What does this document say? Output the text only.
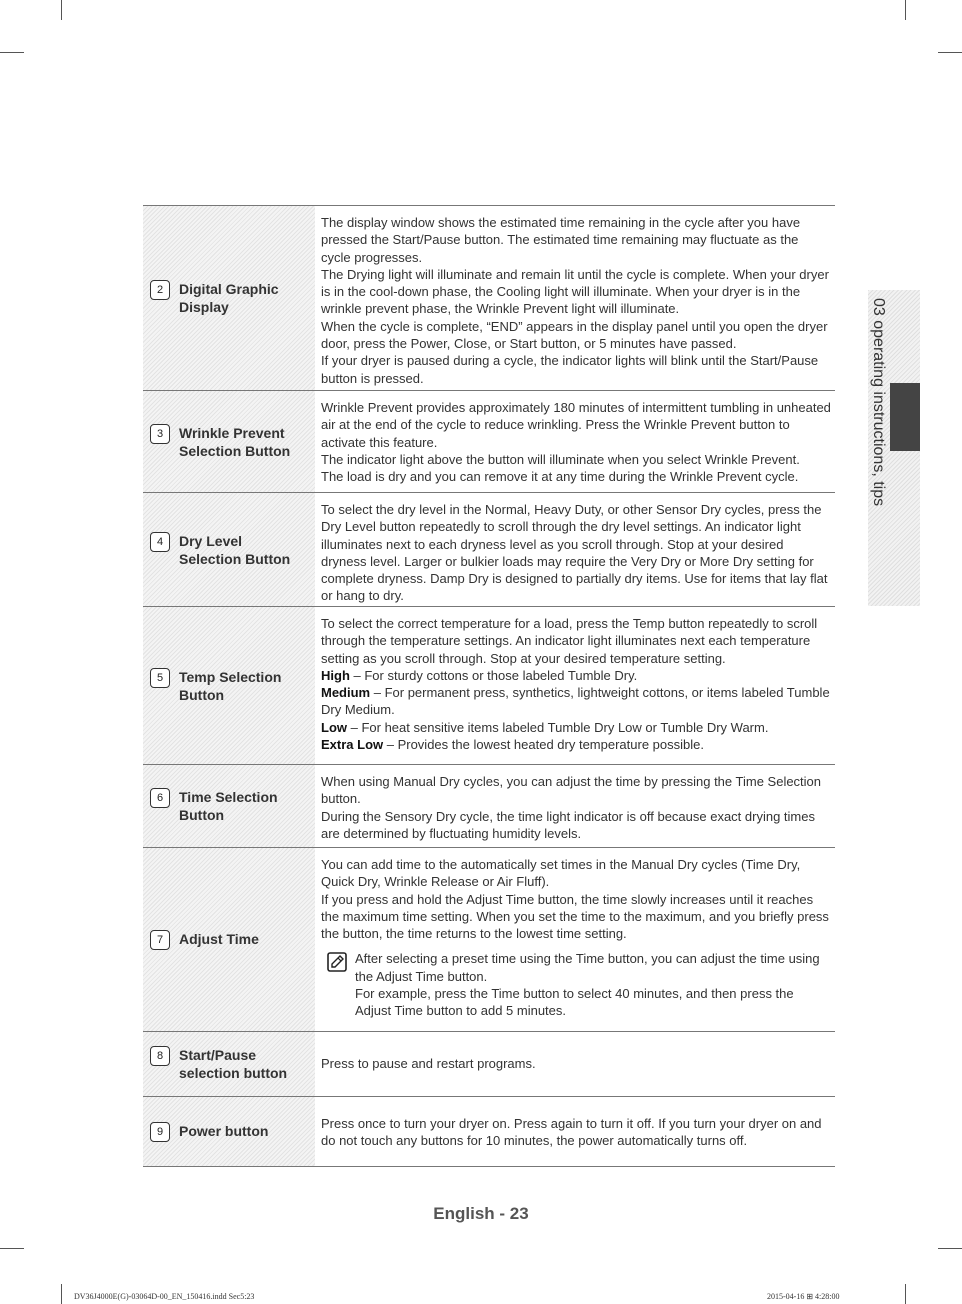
2	Digital Graphic
Display

The display window shows the estimated time remaining in the cycle after you have pressed the Start/Pause button. The estimated time remaining may fluctuate as the cycle progresses.

The Drying light will illuminate and remain lit until the cycle is complete. When your dryer is in the cool-down phase, the Cooling light will illuminate. When your dryer is in the wrinkle prevent phase, the Wrinkle Prevent light will illuminate.

When the cycle is complete, “END” appears in the display panel until you open the dryer door, press the Power, Close, or Start button, or 5 minutes have passed.

If your dryer is paused during a cycle, the indicator lights will blink until the Start/Pause button is pressed.

3	Wrinkle Prevent
Selection Button

Wrinkle Prevent provides approximately 180 minutes of intermittent tumbling in unheated air at the end of the cycle to reduce wrinkling. Press the Wrinkle Prevent button to activate this feature.

The indicator light above the button will illuminate when you select Wrinkle Prevent.

The load is dry and you can remove it at any time during the Wrinkle Prevent cycle.

4	Dry Level
Selection Button

To select the dry level in the Normal, Heavy Duty, or other Sensor Dry cycles, press the Dry Level button repeatedly to scroll through the dry level settings. An indicator light illuminates next to each dryness level as you scroll through. Stop at your desired dryness level. Larger or bulkier loads may require the Very Dry or More Dry setting for complete dryness. Damp Dry is designed to partially dry items. Use for items that lay flat or hang to dry.

5	Temp Selection
Button

To select the correct temperature for a load, press the Temp button repeatedly to scroll through the temperature settings. An indicator light illuminates next each temperature setting as you scroll through. Stop at your desired temperature setting.

High – For sturdy cottons or those labeled Tumble Dry.

Medium – For permanent press, synthetics, lightweight cottons, or items labeled Tumble Dry Medium.

Low – For heat sensitive items labeled Tumble Dry Low or Tumble Dry Warm.

Extra Low – Provides the lowest heated dry temperature possible.

6	Time Selection
Button

When using Manual Dry cycles, you can adjust the time by pressing the Time Selection button.

During the Sensory Dry cycle, the time light indicator is off because exact drying times are determined by fluctuating humidity levels.

7	Adjust Time

You can add time to the automatically set times in the Manual Dry cycles (Time Dry, Quick Dry, Wrinkle Release or Air Fluff).

If you press and hold the Adjust Time button, the time slowly increases until it reaches the maximum time setting. When you set the time to the maximum, and you briefly press the button, the time returns to the lowest time setting.

After selecting a preset time using the Time button, you can adjust the time using the Adjust Time button.

For example, press the Time button to select 40 minutes, and then press the Adjust Time button to add 5 minutes.

8	Start/Pause
selection button

Press to pause and restart programs.

9	Power button	Press once to turn your dryer on. Press again to turn it off. If you turn your dryer on and do not touch any buttons for 10 minutes, the power automatically turns off.

03 operating instructions, tips
English - 23
DV36J4000E(G)-03064D-00_EN_150416.indd Sec5:23	2015-04-16 ⊞ 4:28:00
